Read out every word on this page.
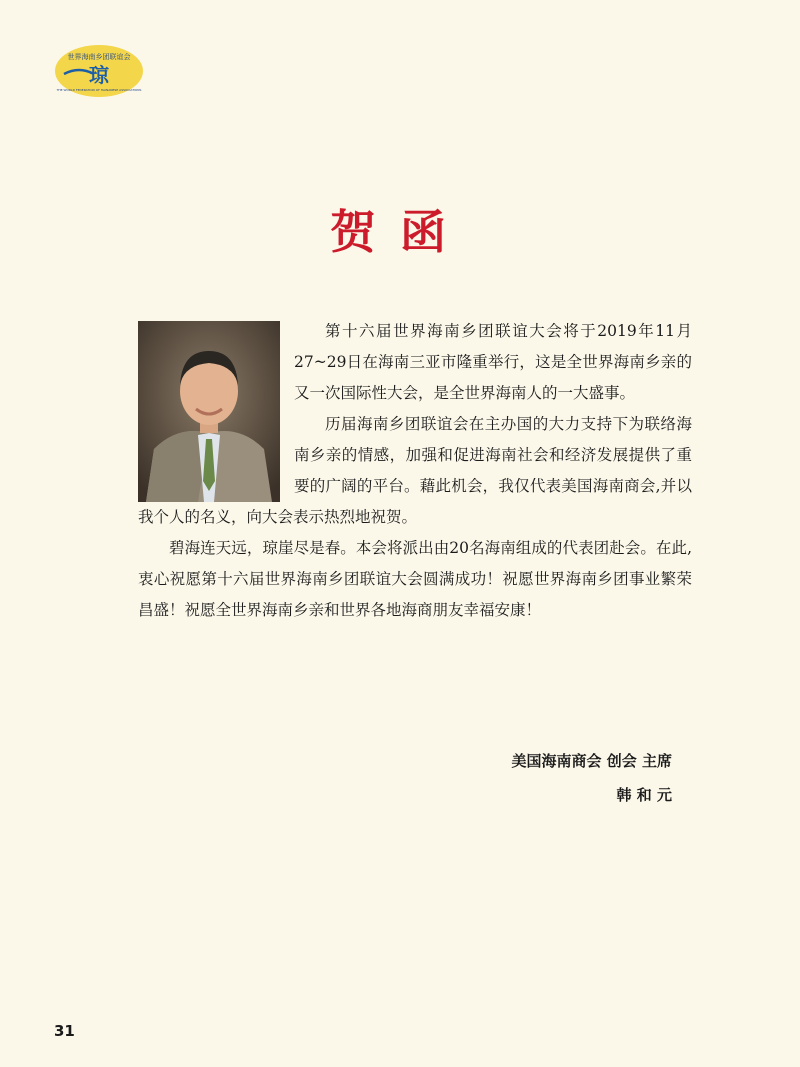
世界海南乡团联谊会
琼
THE WORLD FEDERATION OF HAINANESE ASSOCIATIONS
贺函

第十六届世界海南乡团联谊大会将于2019年11月27~29日在海南三亚市隆重举行，这是全世界海南乡亲的又一次国际性大会，是全世界海南人的一大盛事。

历届海南乡团联谊会在主办国的大力支持下为联络海南乡亲的情感，加强和促进海南社会和经济发展提供了重要的广阔的平台。藉此机会，我仅代表美国海南商会,并以我个人的名义，向大会表示热烈地祝贺。

碧海连天远，琼崖尽是春。本会将派出由20名海南组成的代表团赴会。在此,衷心祝愿第十六届世界海南乡团联谊大会圆满成功！祝愿世界海南乡团事业繁荣昌盛！祝愿全世界海南乡亲和世界各地海商朋友幸福安康！

美国海南商会 创会 主席
韩 和 元
31
